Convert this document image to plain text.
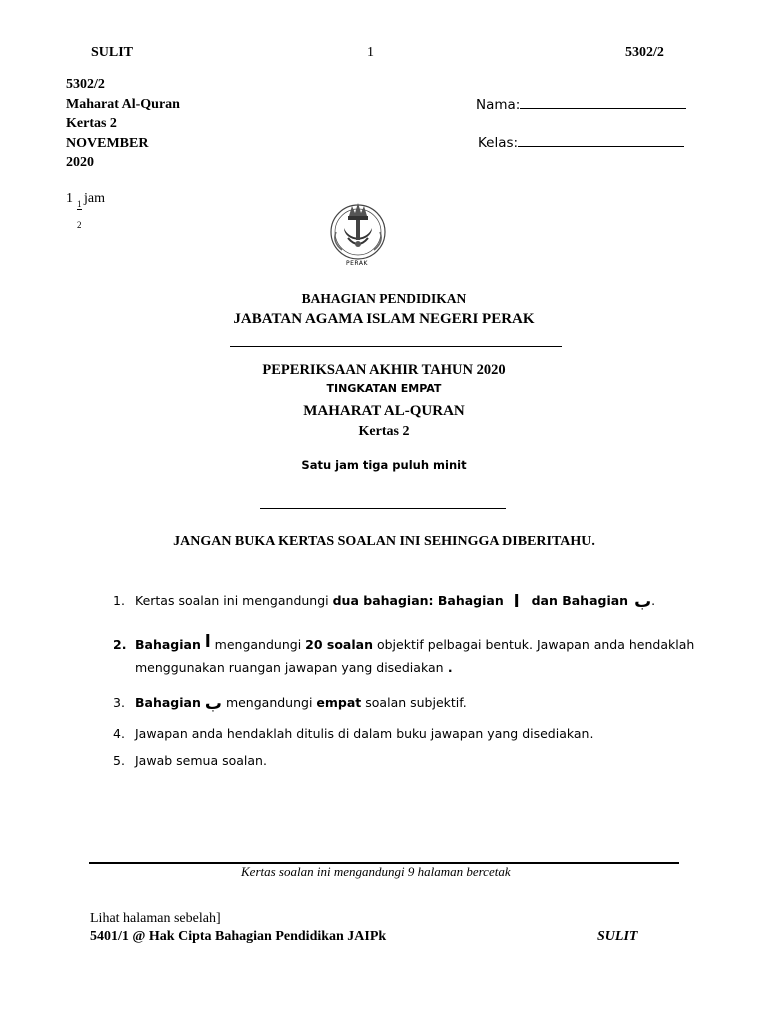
SULIT	1	5302/2
5302/2
Maharat Al-Quran
Kertas 2
NOVEMBER
2020
1
$\frac{1}{2}$
jam
Nama:
Kelas:
PERAK
BAHAGIAN PENDIDIKAN
JABATAN AGAMA ISLAM NEGERI PERAK
PEPERIKSAAN AKHIR TAHUN 2020
TINGKATAN EMPAT
MAHARAT AL-QURAN
Kertas 2
Satu jam tiga puluh minit
JANGAN BUKA KERTAS SOALAN INI SEHINGGA DIBERITAHU.
1. Kertas soalan ini mengandungi dua bahagian: Bahagian ا dan Bahagian ب.
2. Bahagian ا mengandungi 20 soalan objektif pelbagai bentuk. Jawapan anda hendaklah
menggunakan ruangan jawapan yang disediakan .
3. Bahagian ب mengandungi empat soalan subjektif.
4. Jawapan anda hendaklah ditulis di dalam buku jawapan yang disediakan.
5. Jawab semua soalan.
Kertas soalan ini mengandungi 9 halaman bercetak
Lihat halaman sebelah]
5401/1 @ Hak Cipta Bahagian Pendidikan JAIPk	SULIT
